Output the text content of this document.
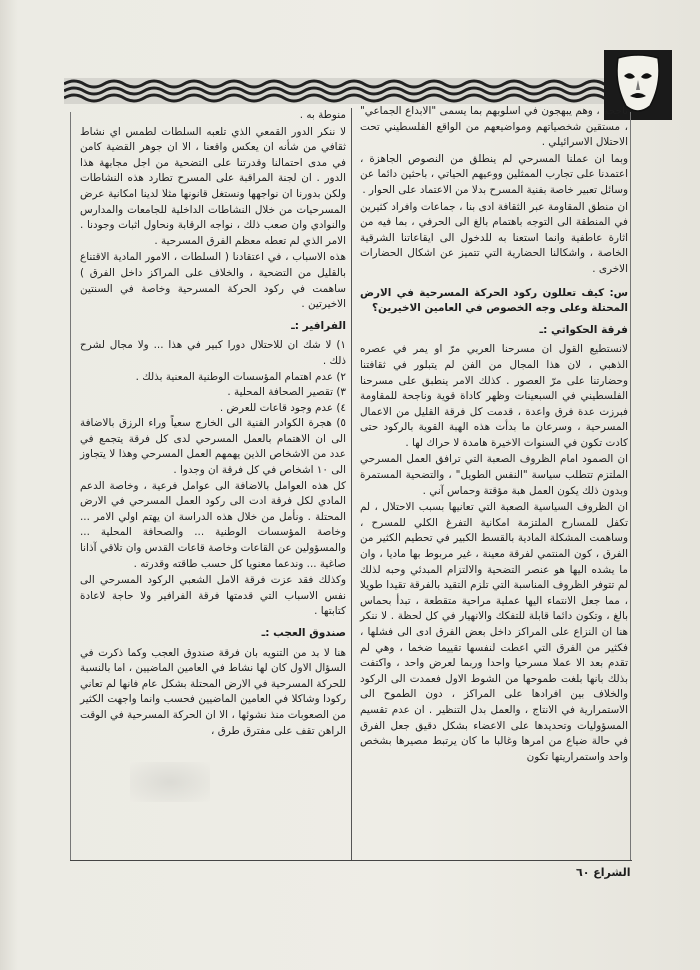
ناجحة ، وهم يبهجون في اسلوبهم بما يسمى "الابداع الجماعي" ، مستقين شخصياتهم ومواضيعهم من الواقع الفلسطيني تحت الاحتلال الاسرائيلي .

وبما ان عملنا المسرحي لم ينطلق من النصوص الجاهزة ، اعتمدنا على تجارب الممثلين ووعيهم الحياتي ، باحثين دائما عن وسائل تعبير خاصة بفنية المسرح بدلا من الاعتماد على الحوار .

ان منطق المقاومة عبر الثقافة ادى بنا ، جماعات وافراد كثيرين في المنطقة الى التوجه باهتمام بالغ الى الحرفي ، بما فيه من اثارة عاطفية وانما استعنا به للدخول الى ايقاعاتنا الشرقية الخاصة ، واشكالنا الحضارية التي تتميز عن اشكال الحضارات الاخرى .

س: كيف تعللون ركود الحركة المسرحية في الارض المحتلة وعلى وجه الخصوص في العامين الاخيرين؟

فرقة الحكواتي :ـ

لانستطيع القول ان مسرحنا العربي مرّ او يمر في عصره الذهبي ، لان هذا المجال من الفن لم يتبلور في ثقافتنا وحضارتنا على مرّ العصور . كذلك الامر ينطبق على مسرحنا الفلسطيني في السبعينات وظهر كاداة قوية وناجحة للمقاومة فبرزت عدة فرق واعدة ، قدمت كل فرقة القليل من الاعمال المسرحية ، وسرعان ما بدأت هذه الهبة القوية بالركود حتى كادت تكون في السنوات الاخيرة هامدة لا حراك لها .

ان الصمود امام الظروف الصعبة التي ترافق العمل المسرحي الملتزم تتطلب سياسة "النفس الطويل" ، والتضحية المستمرة وبدون ذلك يكون العمل هبة مؤقتة وحماس آني .

ان الظروف السياسية الصعبة التي تعانيها بسبب الاحتلال ، لم تكفل للمسارح الملتزمة امكانية التفرغ الكلي للمسرح ، وساهمت المشكلة المادية بالقسط الكبير في تحطيم الكثير من الفرق ، كون المنتمي لفرقة معينة ، غير مربوط بها ماديا ، وان ما يشده اليها هو عنصر التضحية والالتزام المبدئي وحبه لذلك لم تتوفر الظروف المناسبة التي تلزم التقيد بالفرقة تقيدا طويلا ، مما جعل الانتماء اليها عملية مراحية متقطعة ، تبدأ بحماس بالغ ، وتكون دائما قابلة للتفكك والانهيار في كل لحظة . لا ننكر هنا ان النزاع على المراكز داخل بعض الفرق ادى الى فشلها ، فكثير من الفرق التي اعطت لنفسها تقييما ضخما ، وهي لم تقدم بعد الا عملا مسرحيا واحدا وربما لعرض واحد ، واكتفت بذلك بانها بلغت طموحها من الشوط الاول فعمدت الى الركود والخلاف بين افرادها على المراكز ، دون الطموح الى الاستمرارية في الانتاج ، والعمل بدل التنظير . ان عدم تقسيم المسؤوليات وتحديدها على الاعضاء بشكل دقيق جعل الفرق في حالة ضياع من امرها وغالبا ما كان يرتبط مصيرها بشخص واحد واستمراريتها تكون

منوطة به .

لا ننكر الدور القمعي الذي تلعبه السلطات لطمس اي نشاط ثقافي من شأنه ان يعكس واقعنا ، الا ان جوهر القضية كامن في مدى احتمالنا وقدرتنا على التضحية من اجل مجابهة هذا الدور . ان لجنة المراقبة على المسرح تطارد هذه النشاطات ولكن بدورنا ان نواجهها ونستغل قانونها مثلا لدينا امكانية عرض المسرحيات من خلال النشاطات الداخلية للجامعات والمدارس والنوادي وان صعب ذلك ، نواجه الرقابة ونحاول اثبات وجودنا . الامر الذي لم تعطه معظم الفرق المسرحية .

هذه الاسباب ، في اعتقادنا ( السلطات ، الامور المادية الاقتناع بالقليل من التضحية ، والخلاف على المراكز داخل الفرق ) ساهمت في ركود الحركة المسرحية وخاصة في السنتين الاخيرتين .

الفرافير :ـ

١) لا شك ان للاحتلال دورا كبير في هذا ... ولا مجال لشرح ذلك .

٢) عدم اهتمام المؤسسات الوطنية المعنية بذلك .

٣) تقصير الصحافة المحلية .

٤) عدم وجود قاعات للعرض .

٥) هجرة الكوادر الفنية الى الخارج سعياً وراء الرزق بالاضافة الى ان الاهتمام بالعمل المسرحي لدى كل فرقة يتجمع في عدد من الاشخاص الذين يهمهم العمل المسرحي وهذا لا يتجاوز الى ١٠ اشخاص في كل فرقة ان وجدوا .

كل هذه العوامل بالاضافة الى عوامل فرعية ، وخاصة الدعم المادي لكل فرقة ادت الى ركود العمل المسرحي في الارض المحتلة . ونأمل من خلال هذه الدراسة ان يهتم اولي الامر ... وخاصة المؤسسات الوطنية ... والصحافة المحلية ... والمسؤولين عن القاعات وخاصة قاعات القدس وان تلاقي آذانا صاغية ... وندعما معنويا كل حسب طاقته وقدرته .

وكذلك فقد عزت فرقة الامل الشعبي الركود المسرحي الى نفس الاسباب التي قدمتها فرقة الفرافير ولا حاجة لاعادة كتابتها .

صندوق العجب :ـ

هنا لا بد من التنويه بان فرقة صندوق العجب وكما ذكرت في السؤال الاول كان لها نشاط في العامين الماضيين ، اما بالنسبة للحركة المسرحية في الارض المحتلة بشكل عام فانها لم تعاني ركودا وشاكلا في العامين الماضيين فحسب وانما واجهت الكثير من الصعوبات منذ نشوئها ، الا ان الحركة المسرحية في الوقت الراهن تقف على مفترق طرق ،

الشراع ٦٠
